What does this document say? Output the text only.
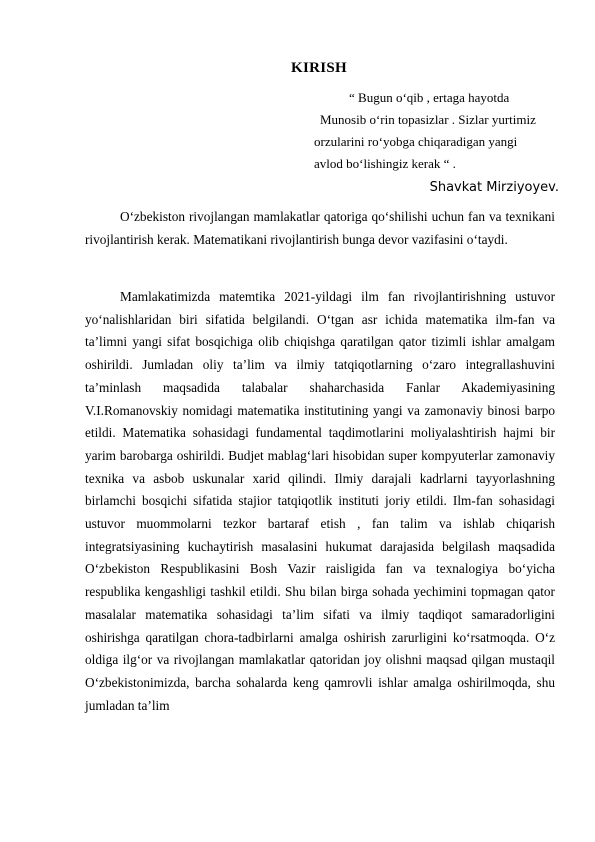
KIRISH
“ Bugun o‘qib , ertaga hayotda
Munosib o‘rin topasizlar . Sizlar yurtimiz
orzularini ro‘yobga chiqaradigan yangi
avlod bo‘lishingiz kerak “ .
Shavkat Mirziyoyev.

O‘zbekiston rivojlangan mamlakatlar qatoriga qo‘shilishi uchun fan va texnikani rivojlantirish kerak. Matematikani rivojlantirish bunga devor vazifasini o‘taydi.

Mamlakatimizda matemtika 2021-yildagi ilm fan rivojlantirishning ustuvor yo‘nalishlaridan biri sifatida belgilandi. O‘tgan asr ichida matematika ilm-fan va ta’limni yangi sifat bosqichiga olib chiqishga qaratilgan qator tizimli ishlar amalgam oshirildi. Jumladan oliy ta’lim va ilmiy tatqiqotlarning o‘zaro integrallashuvini ta’minlash maqsadida talabalar shaharchasida Fanlar Akademiyasining V.I.Romanovskiy nomidagi matematika institutining yangi va zamonaviy binosi barpo etildi. Matematika sohasidagi fundamental taqdimotlarini moliyalashtirish hajmi bir yarim barobarga oshirildi. Budjet mablag‘lari hisobidan super kompyuterlar zamonaviy texnika va asbob uskunalar xarid qilindi. Ilmiy darajali kadrlarni tayyorlashning birlamchi bosqichi sifatida stajior tatqiqotlik instituti joriy etildi. Ilm-fan sohasidagi ustuvor muommolarni tezkor bartaraf etish , fan talim va ishlab chiqarish integratsiyasining kuchaytirish masalasini hukumat darajasida belgilash maqsadida O‘zbekiston Respublikasini Bosh Vazir raisligida fan va texnalogiya bo‘yicha respublika kengashligi tashkil etildi. Shu bilan birga sohada yechimini topmagan qator masalalar matematika sohasidagi ta’lim sifati va ilmiy taqdiqot samaradorligini oshirishga qaratilgan chora-tadbirlarni amalga oshirish zarurligini ko‘rsatmoqda. O‘z oldiga ilg‘or va rivojlangan mamlakatlar qatoridan joy olishni maqsad qilgan mustaqil O‘zbekistonimizda, barcha sohalarda keng qamrovli ishlar amalga oshirilmoqda, shu jumladan ta’lim
